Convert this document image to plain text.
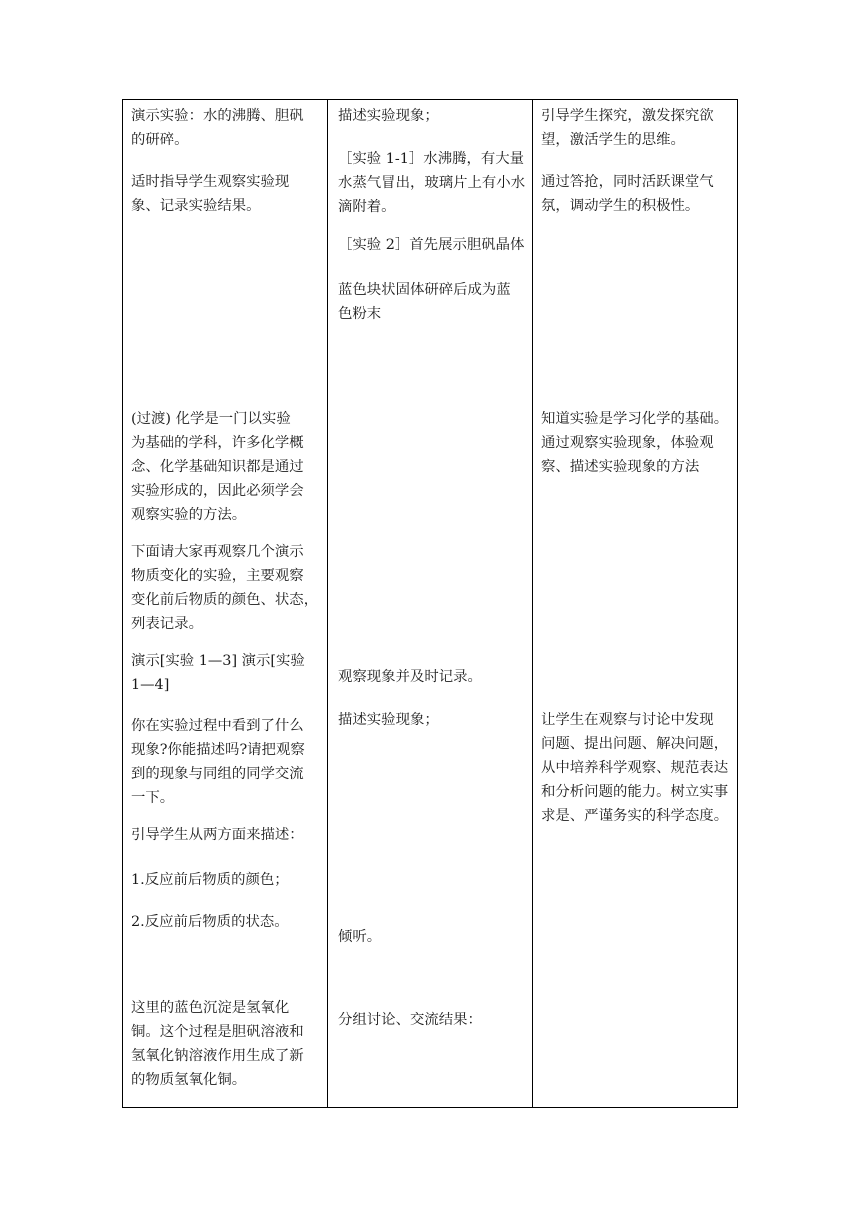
演示实验：水的沸腾、胆矾
的研碎。
适时指导学生观察实验现
象、记录实验结果。
(过渡) 化学是一门以实验
为基础的学科，许多化学概
念、化学基础知识都是通过
实验形成的，因此必须学会
观察实验的方法。
下面请大家再观察几个演示
物质变化的实验，主要观察
变化前后物质的颜色、状态，
列表记录。
演示[实验 1—3] 演示[实验
1—4]
你在实验过程中看到了什么
现象?你能描述吗?请把观察
到的现象与同组的同学交流
一下。
引导学生从两方面来描述：
1.反应前后物质的颜色；
2.反应前后物质的状态。
这里的蓝色沉淀是氢氧化
铜。这个过程是胆矾溶液和
氢氧化钠溶液作用生成了新
的物质氢氧化铜。
描述实验现象；
［实验 1-1］水沸腾，有大量
水蒸气冒出，玻璃片上有小水
滴附着。
［实验 2］首先展示胆矾晶体
蓝色块状固体研碎后成为蓝
色粉末
观察现象并及时记录。
描述实验现象；
倾听。
分组讨论、交流结果：
引导学生探究，激发探究欲
望，激活学生的思维。
通过答抢，同时活跃课堂气
氛，调动学生的积极性。
知道实验是学习化学的基础。
通过观察实验现象，体验观
察、描述实验现象的方法
让学生在观察与讨论中发现
问题、提出问题、解决问题，
从中培养科学观察、规范表达
和分析问题的能力。树立实事
求是、严谨务实的科学态度。
